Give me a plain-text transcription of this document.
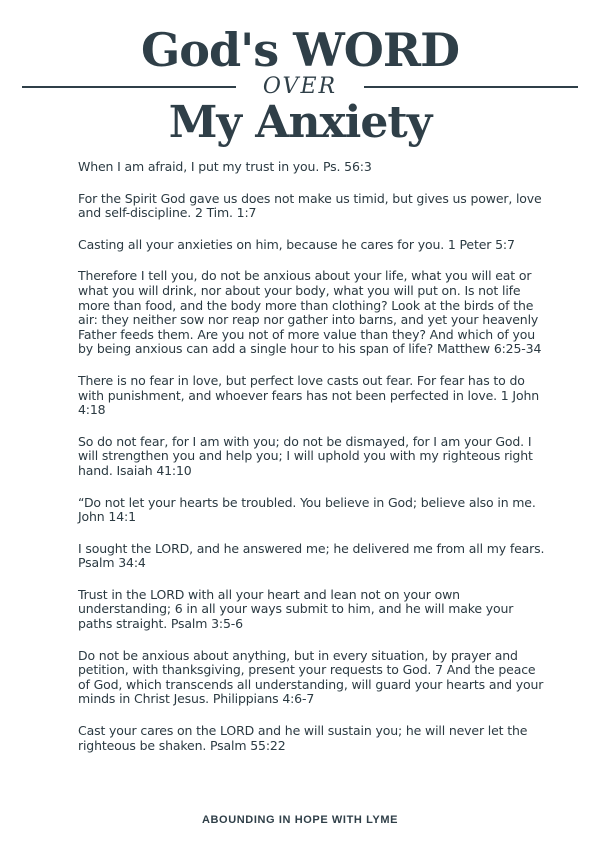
God's WORD
OVER
My Anxiety

When I am afraid, I put my trust in you. Ps. 56:3

For the Spirit God gave us does not make us timid, but gives us power, love and self-discipline. 2 Tim. 1:7

Casting all your anxieties on him, because he cares for you. 1 Peter 5:7

Therefore I tell you, do not be anxious about your life, what you will eat or what you will drink, nor about your body, what you will put on. Is not life more than food, and the body more than clothing? Look at the birds of the air: they neither sow nor reap nor gather into barns, and yet your heavenly Father feeds them. Are you not of more value than they? And which of you by being anxious can add a single hour to his span of life? Matthew 6:25-34

There is no fear in love, but perfect love casts out fear. For fear has to do with punishment, and whoever fears has not been perfected in love. 1 John 4:18

So do not fear, for I am with you; do not be dismayed, for I am your God. I will strengthen you and help you; I will uphold you with my righteous right hand. Isaiah 41:10

“Do not let your hearts be troubled. You believe in God; believe also in me. John 14:1

I sought the LORD, and he answered me; he delivered me from all my fears. Psalm 34:4

Trust in the LORD with all your heart and lean not on your own understanding; 6 in all your ways submit to him, and he will make your paths straight. Psalm 3:5-6

Do not be anxious about anything, but in every situation, by prayer and petition, with thanksgiving, present your requests to God. 7 And the peace of God, which transcends all understanding, will guard your hearts and your minds in Christ Jesus. Philippians 4:6-7

Cast your cares on the LORD and he will sustain you; he will never let the righteous be shaken. Psalm 55:22

ABOUNDING IN HOPE WITH LYME
